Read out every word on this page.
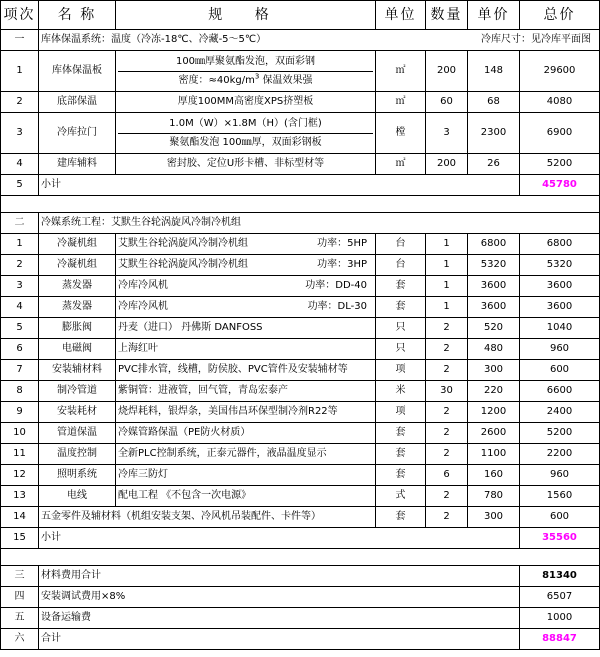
项次	名 称	规 格	单位	数量	单价	总价
一	库体保温系统：温度（冷冻-18℃、冷藏-5～5℃） 冷库尺寸：见冷库平面图					

1	库体保温板	100㎜厚聚氨酯发泡，双面彩钢
密度：$\approx 40kg/m^3$ 保温效果强	㎡	200	148	29600
2	底部保温	厚度100MM高密度XPS挤塑板	㎡	60	68	4080
3	冷库拉门	1.0M（W）×1.8M（H）(含门框)
聚氨酯发泡 100㎜厚，双面彩钢板	樘	3	2300	6900
4	建库辅料	密封胶、定位U形卡槽、非标型材等	㎡	200	26	5200
5	小计					45780

二	冷媒系统工程：艾默生谷轮涡旋风冷制冷机组					
1	冷凝机组	艾默生谷轮涡旋风冷制冷机组 功率：5HP	台	1	6800	6800
2	冷凝机组	艾默生谷轮涡旋风冷制冷机组 功率：3HP	台	1	5320	5320
3	蒸发器	冷库冷风机 功率：DD-40	套	1	3600	3600
4	蒸发器	冷库冷风机 功率：DL-30	套	1	3600	3600
5	膨胀阀	丹麦（进口） 丹佛斯 DANFOSS	只	2	520	1040
6	电磁阀	上海红叶	只	2	480	960
7	安装辅材料	PVC排水管，线槽，防侯胶、PVC管件及安装辅材等	项	2	300	600
8	制冷管道	紫铜管：进液管，回气管，青岛宏泰产	米	30	220	6600
9	安装耗材	烧焊耗料，银焊条，美国伟昌环保型制冷剂R22等	项	2	1200	2400
10	管道保温	冷媒管路保温（PE防火材质）	套	2	2600	5200
11	温度控制	全新PLC控制系统，正泰元器件，液晶温度显示	套	2	1100	2200
12	照明系统	冷库三防灯	套	6	160	960
13	电线	配电工程 《不包含一次电源》	式	2	780	1560
14	五金零件及辅材料（机组安装支架、冷风机吊装配件、卡件等）		套	2	300	600
15	小计					35560

三	材料费用合计					81340
四	安装调试费用×8%					6507
五	设备运输费					1000
六	合计					88847
